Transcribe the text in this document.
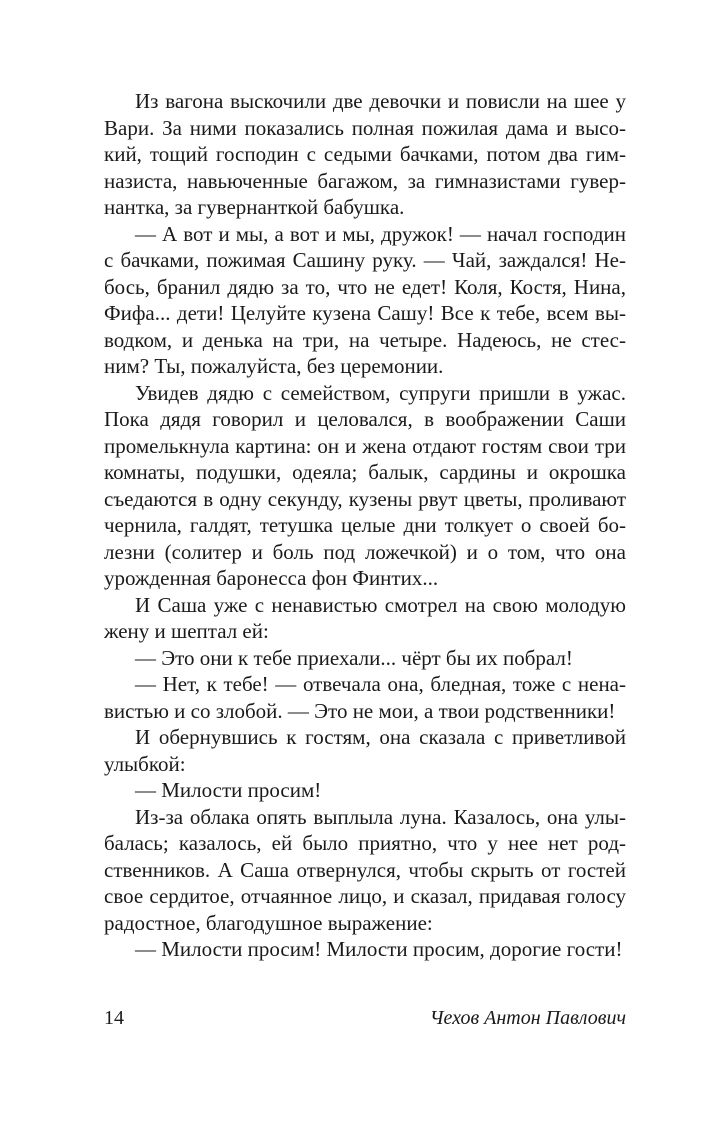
Из вагона выскочили две девочки и повисли на шее у
Вари. За ними показались полная пожилая дама и высо-
кий, тощий господин с седыми бачками, потом два гим-
назиста, навьюченные багажом, за гимназистами гувер-
нантка, за гувернанткой бабушка.
— А вот и мы, а вот и мы, дружок! — начал господин
с бачками, пожимая Сашину руку. — Чай, заждался! Не-
бось, бранил дядю за то, что не едет! Коля, Костя, Нина,
Фифа... дети! Целуйте кузена Сашу! Все к тебе, всем вы-
водком, и денька на три, на четыре. Надеюсь, не стес-
ним? Ты, пожалуйста, без церемонии.
Увидев дядю с семейством, супруги пришли в ужас.
Пока дядя говорил и целовался, в воображении Саши
промелькнула картина: он и жена отдают гостям свои три
комнаты, подушки, одеяла; балык, сардины и окрошка
съедаются в одну секунду, кузены рвут цветы, проливают
чернила, галдят, тетушка целые дни толкует о своей бо-
лезни (солитер и боль под ложечкой) и о том, что она
урожденная баронесса фон Финтих...
И Саша уже с ненавистью смотрел на свою молодую
жену и шептал ей:
— Это они к тебе приехали... чёрт бы их побрал!
— Нет, к тебе! — отвечала она, бледная, тоже с нена-
вистью и со злобой. — Это не мои, а твои родственники!
И обернувшись к гостям, она сказала с приветливой
улыбкой:
— Милости просим!
Из-за облака опять выплыла луна. Казалось, она улы-
балась; казалось, ей было приятно, что у нее нет род-
ственников. А Саша отвернулся, чтобы скрыть от гостей
свое сердитое, отчаянное лицо, и сказал, придавая голосу
радостное, благодушное выражение:
— Милости просим! Милости просим, дорогие гости!
14	Чехов Антон Павлович
